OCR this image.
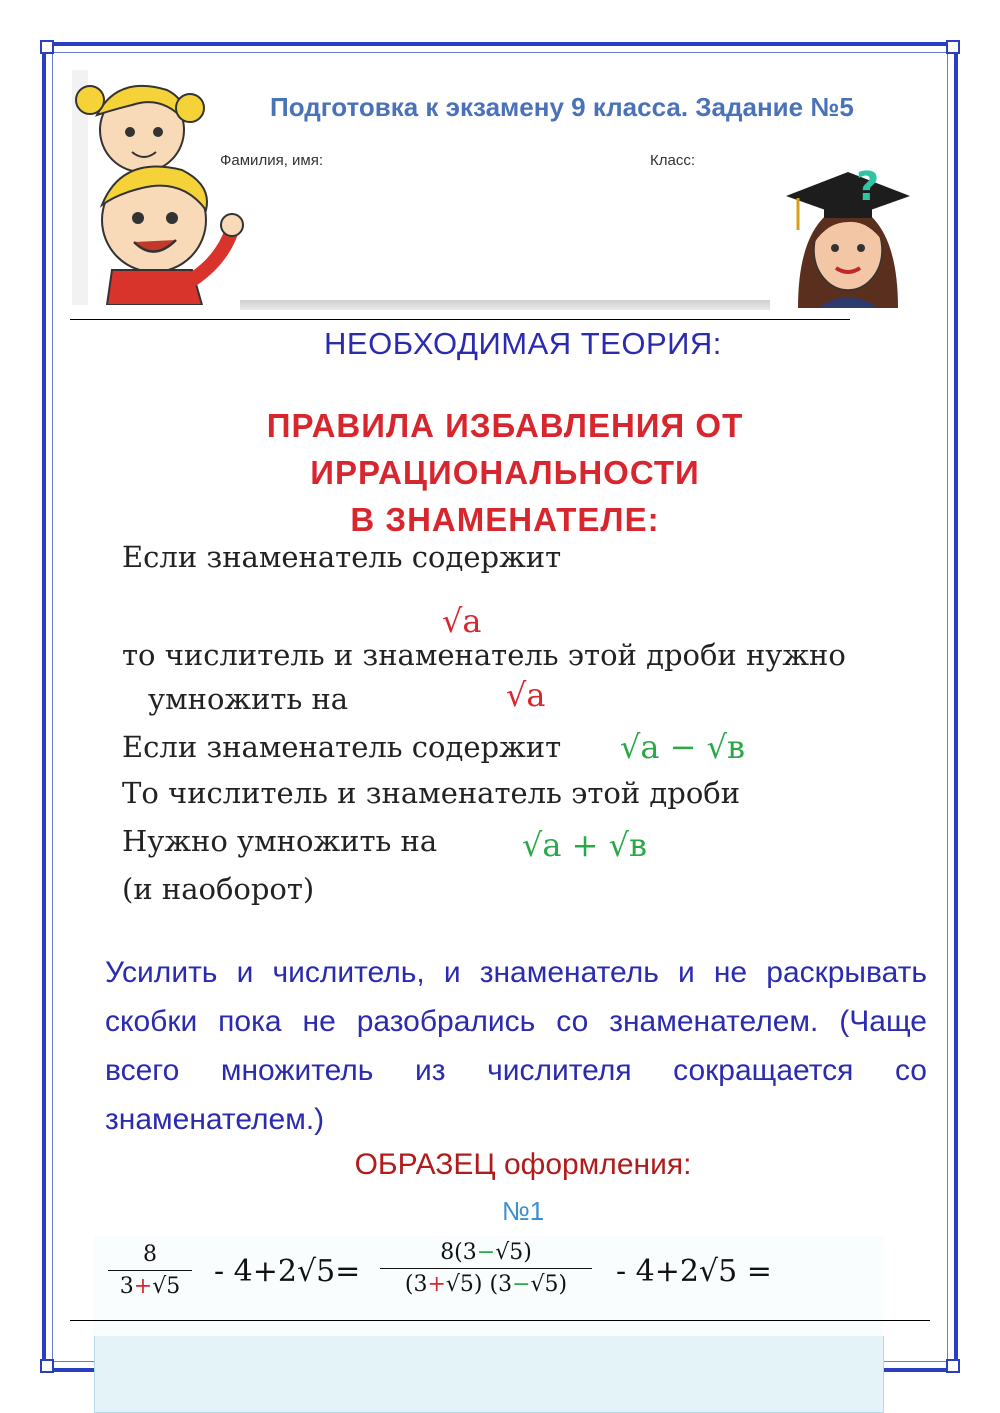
Подготовка к экзамену 9 класса. Задание №5
Фамилия, имя:	Класс:
?
НЕОБХОДИМАЯ ТЕОРИЯ:
ПРАВИЛА ИЗБАВЛЕНИЯ ОТ
ИРРАЦИОНАЛЬНОСТИ
В ЗНАМЕНАТЕЛЕ:
Если знаменатель содержит
√a
то числитель и знаменатель этой дроби нужно
умножить на	√a
Если знаменатель содержит √a − √в
То числитель и знаменатель этой дроби
Нужно умножить на	√a + √в
(и наоборот)
Усилить и числитель, и знаменатель и не раскрывать скобки пока не разобрались со знаменателем. (Чаще всего множитель из числителя сокращается со знаменателем.)
ОБРАЗЕЦ оформления:
№1
$\frac{8}{3+√5} - 4+2√5= \frac{8(3-√5)}{(3+√5) (3-√5)} - 4+2√5$ =
